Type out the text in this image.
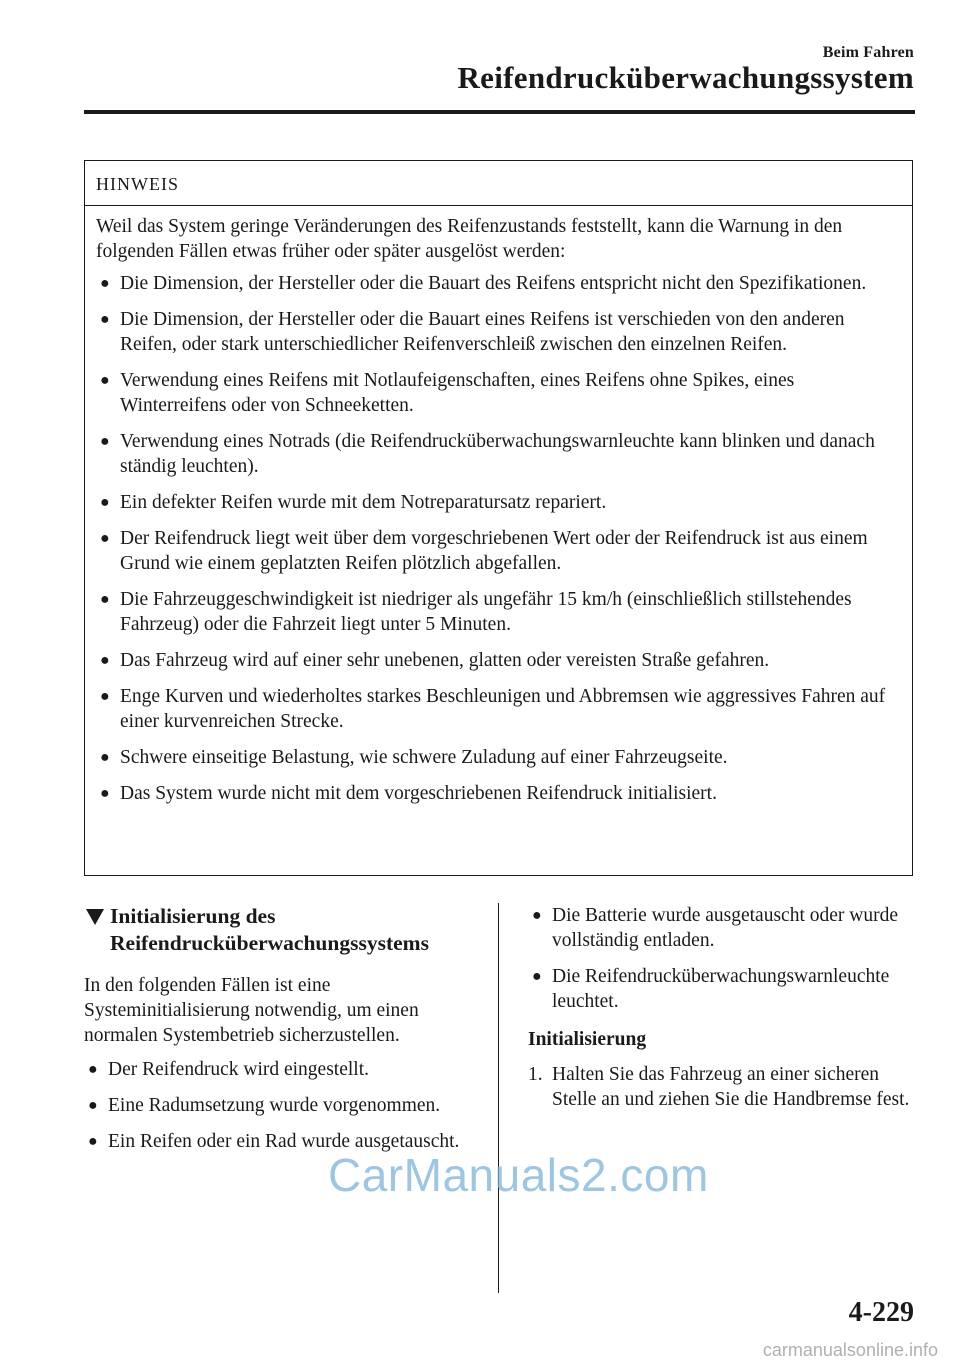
Beim Fahren
Reifendrucküberwachungssystem
HINWEIS

Weil das System geringe Veränderungen des Reifenzustands feststellt, kann die Warnung in den folgenden Fällen etwas früher oder später ausgelöst werden:

● Die Dimension, der Hersteller oder die Bauart des Reifens entspricht nicht den Spezifikationen.
● Die Dimension, der Hersteller oder die Bauart eines Reifens ist verschieden von den anderen Reifen, oder stark unterschiedlicher Reifenverschleiß zwischen den einzelnen Reifen.
● Verwendung eines Reifens mit Notlaufeigenschaften, eines Reifens ohne Spikes, eines Winterreifens oder von Schneeketten.
● Verwendung eines Notrads (die Reifendrucküberwachungswarnleuchte kann blinken und danach ständig leuchten).
● Ein defekter Reifen wurde mit dem Notreparatursatz repariert.
● Der Reifendruck liegt weit über dem vorgeschriebenen Wert oder der Reifendruck ist aus einem Grund wie einem geplatzten Reifen plötzlich abgefallen.
● Die Fahrzeuggeschwindigkeit ist niedriger als ungefähr 15 km/h (einschließlich stillstehendes Fahrzeug) oder die Fahrzeit liegt unter 5 Minuten.
● Das Fahrzeug wird auf einer sehr unebenen, glatten oder vereisten Straße gefahren.
● Enge Kurven und wiederholtes starkes Beschleunigen und Abbremsen wie aggressives Fahren auf einer kurvenreichen Strecke.
● Schwere einseitige Belastung, wie schwere Zuladung auf einer Fahrzeugseite.
● Das System wurde nicht mit dem vorgeschriebenen Reifendruck initialisiert.
Initialisierung des
Reifendrucküberwachungssystems

In den folgenden Fällen ist eine Systeminitialisierung notwendig, um einen normalen Systembetrieb sicherzustellen.

● Der Reifendruck wird eingestellt.
● Eine Radumsetzung wurde vorgenommen.
● Ein Reifen oder ein Rad wurde ausgetauscht.
● Die Batterie wurde ausgetauscht oder wurde vollständig entladen.
● Die Reifendrucküberwachungswarnleuchte leuchtet.
Initialisierung
1. Halten Sie das Fahrzeug an einer sicheren Stelle an und ziehen Sie die Handbremse fest.
4-229
CarManuals2.com
carmanualsonline.info
